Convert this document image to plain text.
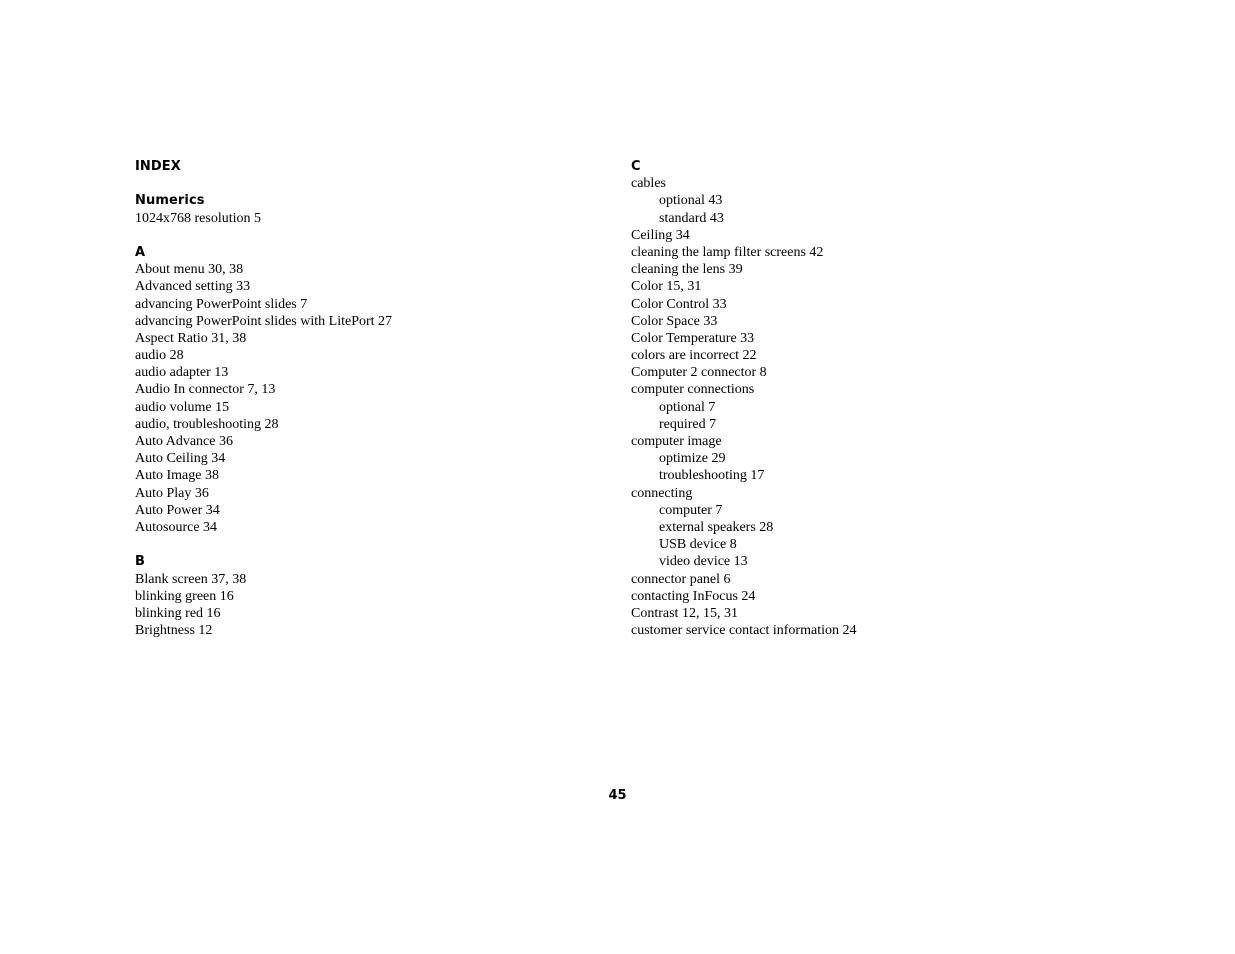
INDEX
Numerics
1024x768 resolution 5
A
About menu 30, 38
Advanced setting 33
advancing PowerPoint slides 7
advancing PowerPoint slides with LitePort 27
Aspect Ratio 31, 38
audio 28
audio adapter 13
Audio In connector 7, 13
audio volume 15
audio, troubleshooting 28
Auto Advance 36
Auto Ceiling 34
Auto Image 38
Auto Play 36
Auto Power 34
Autosource 34
B
Blank screen 37, 38
blinking green 16
blinking red 16
Brightness 12
C
cables
optional 43
standard 43
Ceiling 34
cleaning the lamp filter screens 42
cleaning the lens 39
Color 15, 31
Color Control 33
Color Space 33
Color Temperature 33
colors are incorrect 22
Computer 2 connector 8
computer connections
optional 7
required 7
computer image
optimize 29
troubleshooting 17
connecting
computer 7
external speakers 28
USB device 8
video device 13
connector panel 6
contacting InFocus 24
Contrast 12, 15, 31
customer service contact information 24
45
